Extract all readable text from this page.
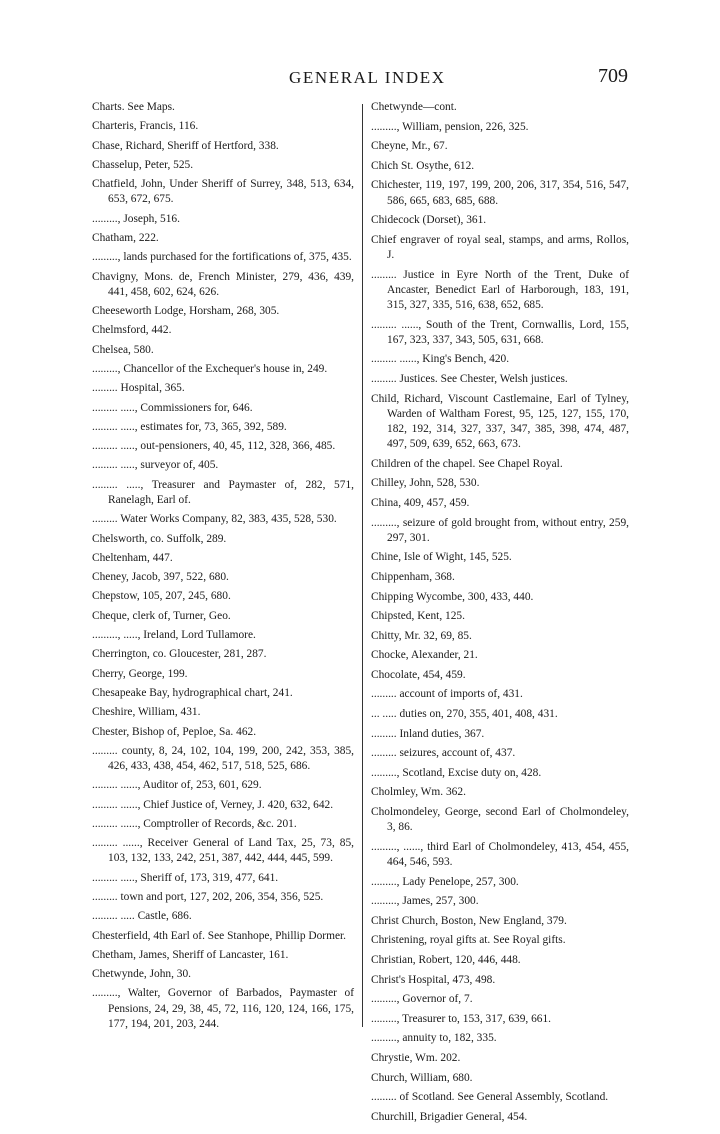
GENERAL INDEX	709
Charts. See Maps.
Charteris, Francis, 116.
Chase, Richard, Sheriff of Hertford, 338.
Chasselup, Peter, 525.
Chatfield, John, Under Sheriff of Surrey, 348, 513, 634, 653, 672, 675.
........., Joseph, 516.
Chatham, 222.
........., lands purchased for the fortifications of, 375, 435.
Chavigny, Mons. de, French Minister, 279, 436, 439, 441, 458, 602, 624, 626.
Cheeseworth Lodge, Horsham, 268, 305.
Chelmsford, 442.
Chelsea, 580.
........., Chancellor of the Exchequer's house in, 249.
......... Hospital, 365.
......... ....., Commissioners for, 646.
......... ....., estimates for, 73, 365, 392, 589.
......... ....., out-pensioners, 40, 45, 112, 328, 366, 485.
......... ....., surveyor of, 405.
......... ....., Treasurer and Paymaster of, 282, 571, Ranelagh, Earl of.
......... Water Works Company, 82, 383, 435, 528, 530.
Chelsworth, co. Suffolk, 289.
Cheltenham, 447.
Cheney, Jacob, 397, 522, 680.
Chepstow, 105, 207, 245, 680.
Cheque, clerk of, Turner, Geo.
........., ....., Ireland, Lord Tullamore.
Cherrington, co. Gloucester, 281, 287.
Cherry, George, 199.
Chesapeake Bay, hydrographical chart, 241.
Cheshire, William, 431.
Chester, Bishop of, Peploe, Sa. 462.
......... county, 8, 24, 102, 104, 199, 200, 242, 353, 385, 426, 433, 438, 454, 462, 517, 518, 525, 686.
......... ......, Auditor of, 253, 601, 629.
......... ......, Chief Justice of, Verney, J. 420, 632, 642.
......... ......, Comptroller of Records, &c. 201.
......... ......, Receiver General of Land Tax, 25, 73, 85, 103, 132, 133, 242, 251, 387, 442, 444, 445, 599.
......... ....., Sheriff of, 173, 319, 477, 641.
......... town and port, 127, 202, 206, 354, 356, 525.
......... ..... Castle, 686.
Chesterfield, 4th Earl of. See Stanhope, Phillip Dormer.
Chetham, James, Sheriff of Lancaster, 161.
Chetwynde, John, 30.
........., Walter, Governor of Barbados, Paymaster of Pensions, 24, 29, 38, 45, 72, 116, 120, 124, 166, 175, 177, 194, 201, 203, 244.
Chetwynde—cont.
........., William, pension, 226, 325.
Cheyne, Mr., 67.
Chich St. Osythe, 612.
Chichester, 119, 197, 199, 200, 206, 317, 354, 516, 547, 586, 665, 683, 685, 688.
Chidecock (Dorset), 361.
Chief engraver of royal seal, stamps, and arms, Rollos, J.
......... Justice in Eyre North of the Trent, Duke of Ancaster, Benedict Earl of Harborough, 183, 191, 315, 327, 335, 516, 638, 652, 685.
......... ......, South of the Trent, Cornwallis, Lord, 155, 167, 323, 337, 343, 505, 631, 668.
......... ......, King's Bench, 420.
......... Justices. See Chester, Welsh justices.
Child, Richard, Viscount Castlemaine, Earl of Tylney, Warden of Waltham Forest, 95, 125, 127, 155, 170, 182, 192, 314, 327, 337, 347, 385, 398, 474, 487, 497, 509, 639, 652, 663, 673.
Children of the chapel. See Chapel Royal.
Chilley, John, 528, 530.
China, 409, 457, 459.
........., seizure of gold brought from, without entry, 259, 297, 301.
Chine, Isle of Wight, 145, 525.
Chippenham, 368.
Chipping Wycombe, 300, 433, 440.
Chipsted, Kent, 125.
Chitty, Mr. 32, 69, 85.
Chocke, Alexander, 21.
Chocolate, 454, 459.
......... account of imports of, 431.
... ..... duties on, 270, 355, 401, 408, 431.
......... Inland duties, 367.
......... seizures, account of, 437.
........., Scotland, Excise duty on, 428.
Cholmley, Wm. 362.
Cholmondeley, George, second Earl of Cholmondeley, 3, 86.
........., ......, third Earl of Cholmondeley, 413, 454, 455, 464, 546, 593.
........., Lady Penelope, 257, 300.
........., James, 257, 300.
Christ Church, Boston, New England, 379.
Christening, royal gifts at. See Royal gifts.
Christian, Robert, 120, 446, 448.
Christ's Hospital, 473, 498.
........., Governor of, 7.
........., Treasurer to, 153, 317, 639, 661.
........., annuity to, 182, 335.
Chrystie, Wm. 202.
Church, William, 680.
......... of Scotland. See General Assembly, Scotland.
Churchill, Brigadier General, 454.
